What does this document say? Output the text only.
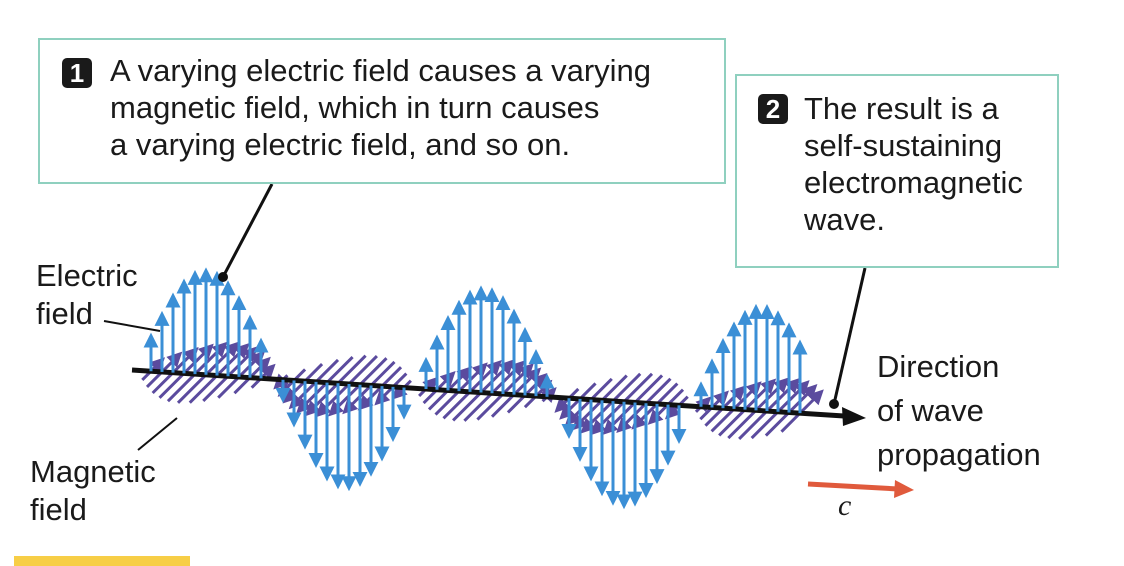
1 A varying electric field causes a varying
magnetic field, which in turn causes
a varying electric field, and so on.
2 The result is a
self-sustaining
electromagnetic
wave.
Electric
field
Magnetic
field
Direction
of wave
propagation
c
